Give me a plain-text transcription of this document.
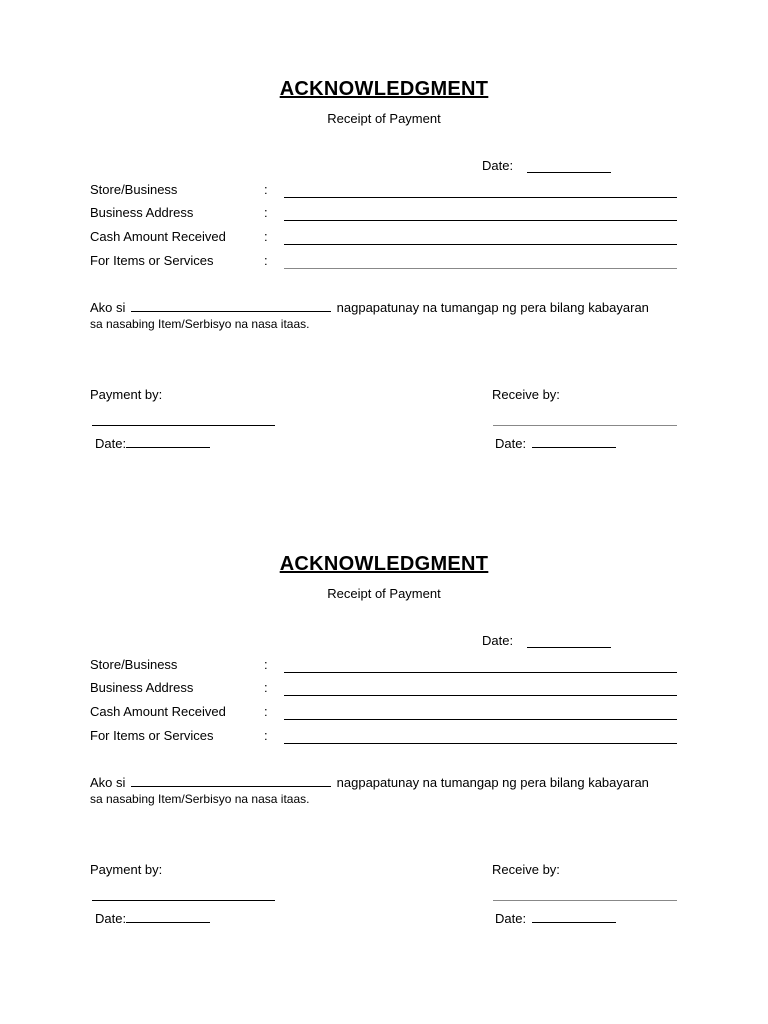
ACKNOWLEDGMENT
Receipt of Payment
Date:
Store/Business	:
Business Address	:
Cash Amount Received	:
For Items or Services	:
Ako si	nagpapatunay na tumangap ng pera bilang kabayaran
sa nasabing Item/Serbisyo na nasa itaas.
Payment by:	Receive by:
Date:	Date:
ACKNOWLEDGMENT
Receipt of Payment
Date:
Store/Business	:
Business Address	:
Cash Amount Received	:
For Items or Services	:
Ako si	nagpapatunay na tumangap ng pera bilang kabayaran
sa nasabing Item/Serbisyo na nasa itaas.
Payment by:	Receive by:
Date:	Date:
